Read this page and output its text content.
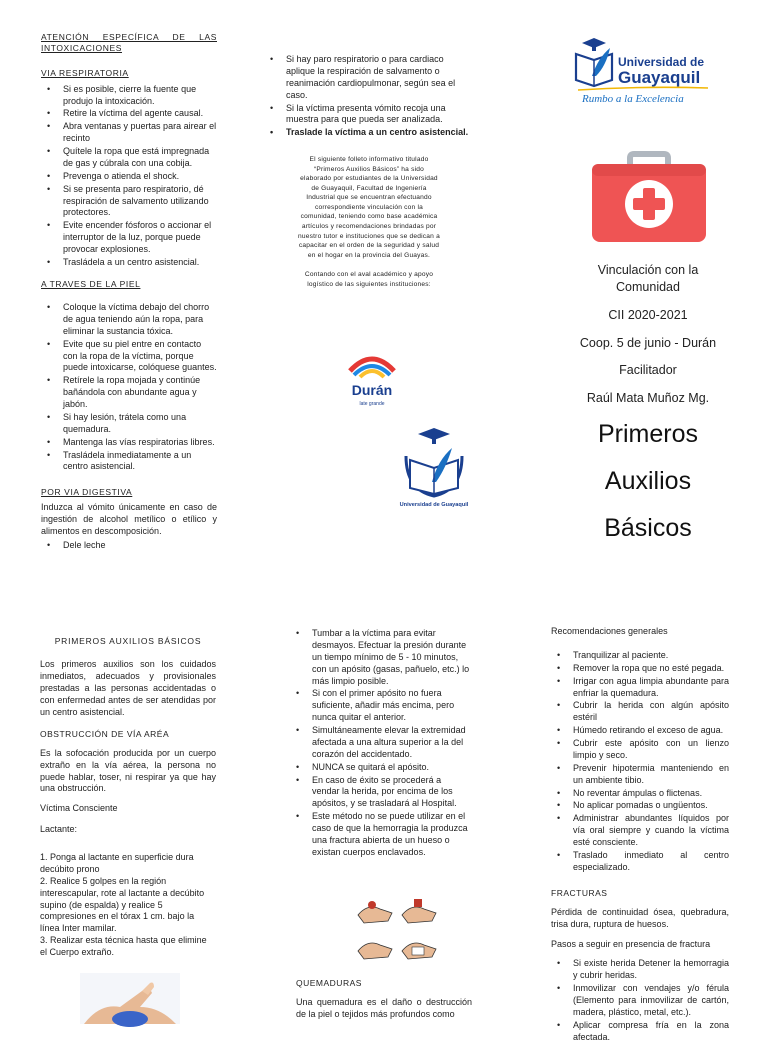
ATENCIÓN ESPECÍFICA DE LAS INTOXICACIONES
VIA RESPIRATORIA
• Si es posible, cierre la fuente que produjo la intoxicación.
• Retire la víctima del agente causal.
• Abra ventanas y puertas para airear el recinto
• Quítele la ropa que está impregnada de gas y cúbrala con una cobija.
• Prevenga o atienda el shock.
• Si se presenta paro respiratorio, dé respiración de salvamento utilizando protectores.
• Evite encender fósforos o accionar el interruptor de la luz, porque puede provocar explosiones.
• Trasládela a un centro asistencial.
A TRAVES DE LA PIEL
• Coloque la víctima debajo del chorro de agua teniendo aún la ropa, para eliminar la sustancia tóxica.
• Evite que su piel entre en contacto con la ropa de la víctima, porque puede intoxicarse, colóquese guantes.
• Retírele la ropa mojada y continúe bañándola con abundante agua y jabón.
• Si hay lesión, trátela como una quemadura.
• Mantenga las vías respiratorias libres.
• Trasládela inmediatamente a un centro asistencial.
POR VIA DIGESTIVA

Induzca al vómito únicamente en caso de ingestión de alcohol metílico o etílico y alimentos en descomposición.

• Dele leche
• Si hay paro respiratorio o para cardiaco aplique la respiración de salvamento o reanimación cardiopulmonar, según sea el caso.
• Si la víctima presenta vómito recoja una muestra para que pueda ser analizada.
• Traslade la víctima a un centro asistencial.

El siguiente folleto informativo titulado “Primeros Auxilios Básicos” ha sido elaborado por estudiantes de la Universidad de Guayaquil, Facultad de Ingeniería Industrial que se encuentran efectuando correspondiente vinculación con la comunidad, teniendo como base académica artículos y recomendaciones brindadas por nuestro tutor e instituciones que se dedican a capacitar en el orden de la seguridad y salud en el hogar en la provincia del Guayas.

Contando con el aval académico y apoyo logístico de las siguientes instituciones:

Durán
late grande
Universidad de Guayaquil
Universidad de
Guayaquil
Rumbo a la Excelencia

Vinculación con la Comunidad

CII 2020-2021

Coop. 5 de junio - Durán

Facilitador

Raúl Mata Muñoz Mg.

Primeros

Auxilios

Básicos

PRIMEROS AUXILIOS BÁSICOS

Los primeros auxilios son los cuidados inmediatos, adecuados y provisionales prestadas a las personas accidentadas o con enfermedad antes de ser atendidas por un centro asistencial.

OBSTRUCCIÓN DE VÍA ARÉA

Es la sofocación producida por un cuerpo extraño en la vía aérea, la persona no puede hablar, toser, ni respirar ya que hay una obstrucción.

Víctima Consciente

Lactante:

1. Ponga al lactante en superficie dura decúbito prono

2. Realice 5 golpes en la región interescapular, rote al lactante a decúbito supino (de espalda) y realice 5 compresiones en el tórax 1 cm. bajo la línea Inter mamilar.

3. Realizar esta técnica hasta que elimine el Cuerpo extraño.

• Tumbar a la víctima para evitar desmayos. Efectuar la presión durante un tiempo mínimo de 5 - 10 minutos, con un apósito (gasas, pañuelo, etc.) lo más limpio posible.
• Si con el primer apósito no fuera suficiente, añadir más encima, pero nunca quitar el anterior.
• Simultáneamente elevar la extremidad afectada a una altura superior a la del corazón del accidentado.
• NUNCA se quitará el apósito.
• En caso de éxito se procederá a vendar la herida, por encima de los apósitos, y se trasladará al Hospital.
• Este método no se puede utilizar en el caso de que la hemorragia la produzca una fractura abierta de un hueso o existan cuerpos enclavados.
QUEMADURAS

Una quemadura es el daño o destrucción de la piel o tejidos más profundos como

Recomendaciones generales

• Tranquilizar al paciente.
• Remover la ropa que no esté pegada.
• Irrigar con agua limpia abundante para enfriar la quemadura.
• Cubrir la herida con algún apósito estéril
• Húmedo retirando el exceso de agua.
• Cubrir este apósito con un lienzo limpio y seco.
• Prevenir hipotermia manteniendo en un ambiente tibio.
• No reventar ámpulas o flictenas.
• No aplicar pomadas o ungüentos.
• Administrar abundantes líquidos por vía oral siempre y cuando la víctima esté consciente.
• Traslado inmediato al centro especializado.
FRACTURAS

Pérdida de continuidad ósea, quebradura, trisa dura, ruptura de huesos.

Pasos a seguir en presencia de fractura

• Si existe herida Detener la hemorragia y cubrir heridas.
• Inmovilizar con vendajes y/o férula (Elemento para inmovilizar de cartón, madera, plástico, metal, etc.).
• Aplicar compresa fría en la zona afectada.
